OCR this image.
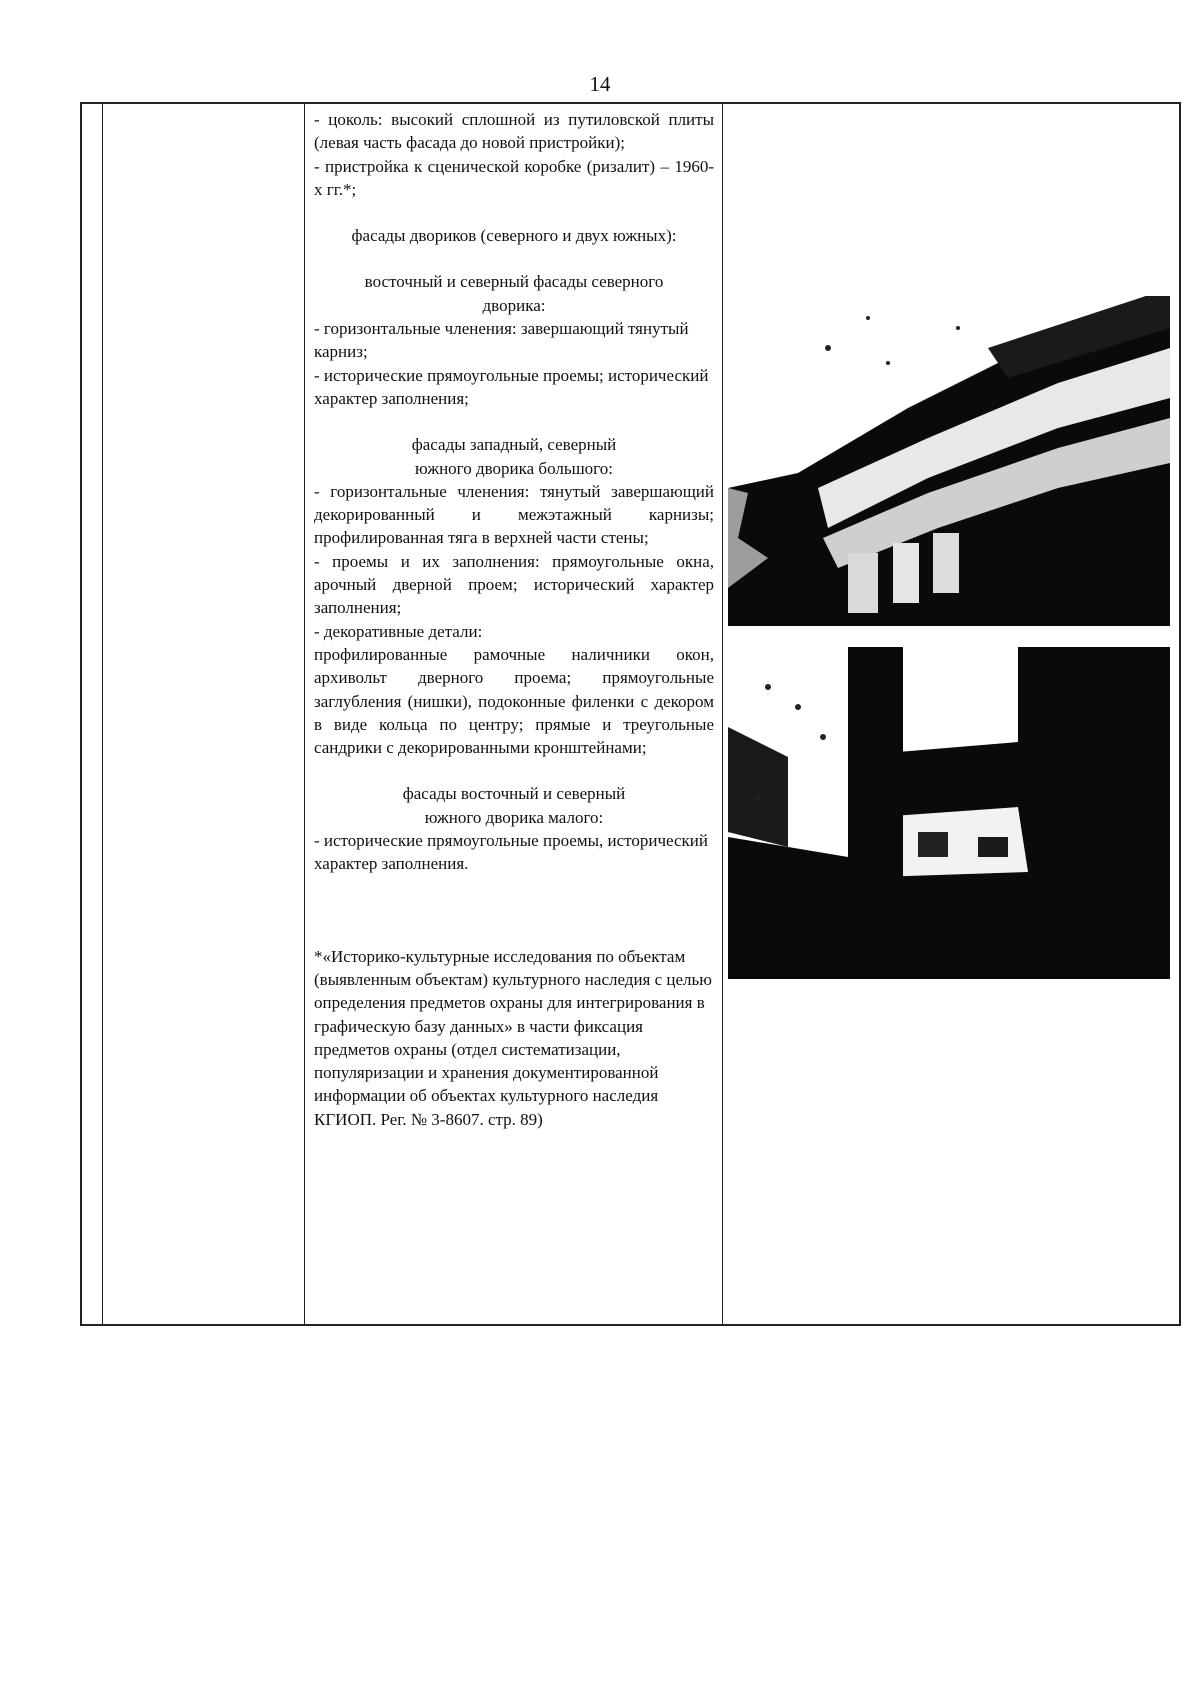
14

- цоколь: высокий сплошной из путиловской плиты (левая часть фасада до новой пристройки);

- пристройка к сценической коробке (ризалит) – 1960-х гг.*;

фасады двориков (северного и двух южных):

восточный и северный фасады северного

дворика:

- горизонтальные членения: завершающий тянутый карниз;

- исторические прямоугольные проемы; исторический характер заполнения;

фасады западный, северный

южного дворика большого:

- горизонтальные членения: тянутый завершающий декорированный и межэтажный карнизы; профилированная тяга в верхней части стены;

- проемы и их заполнения: прямоугольные окна, арочный дверной проем; исторический характер заполнения;

- декоративные детали:

профилированные рамочные наличники окон, архивольт дверного проема; прямоугольные заглубления (нишки), подоконные филенки с декором в виде кольца по центру; прямые и треугольные сандрики с декорированными кронштейнами;

фасады восточный и северный

южного дворика малого:

- исторические прямоугольные проемы, исторический характер заполнения.

*«Историко-культурные исследования по объектам (выявленным объектам) культурного наследия с целью определения предметов охраны для интегрирования в графическую базу данных» в части фиксация предметов охраны (отдел систематизации, популяризации и хранения документированной информации об объектах культурного наследия КГИОП. Рег. № 3-8607. стр. 89)
